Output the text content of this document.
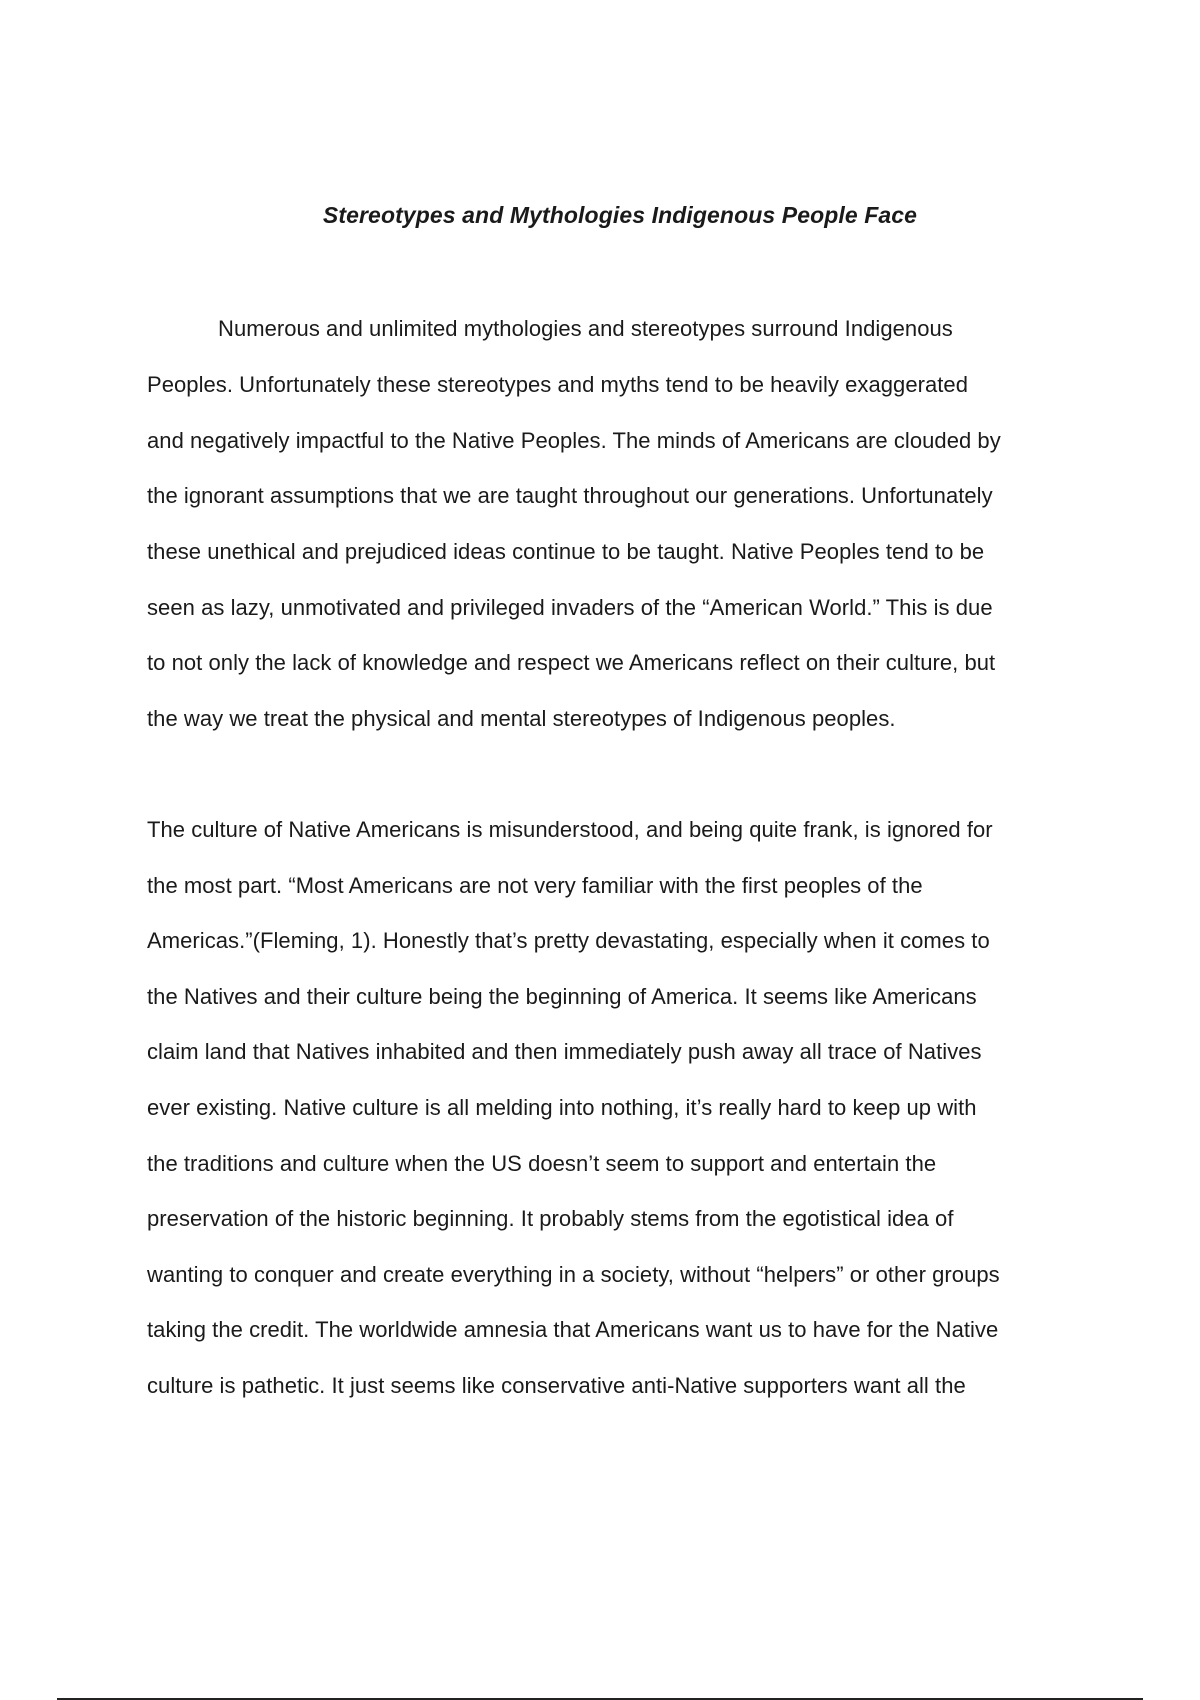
Stereotypes and Mythologies Indigenous People Face
Numerous and unlimited mythologies and stereotypes surround Indigenous
Peoples. Unfortunately these stereotypes and myths tend to be heavily exaggerated
and negatively impactful to the Native Peoples. The minds of Americans are clouded by
the ignorant assumptions that we are taught throughout our generations. Unfortunately
these unethical and prejudiced ideas continue to be taught. Native Peoples tend to be
seen as lazy, unmotivated and privileged invaders of the “American World.” This is due
to not only the lack of knowledge and respect we Americans reflect on their culture, but
the way we treat the physical and mental stereotypes of Indigenous peoples.
The culture of Native Americans is misunderstood, and being quite frank, is ignored for
the most part. “Most Americans are not very familiar with the first peoples of the
Americas.”(Fleming, 1). Honestly that’s pretty devastating, especially when it comes to
the Natives and their culture being the beginning of America. It seems like Americans
claim land that Natives inhabited and then immediately push away all trace of Natives
ever existing. Native culture is all melding into nothing, it’s really hard to keep up with
the traditions and culture when the US doesn’t seem to support and entertain the
preservation of the historic beginning. It probably stems from the egotistical idea of
wanting to conquer and create everything in a society, without “helpers” or other groups
taking the credit. The worldwide amnesia that Americans want us to have for the Native
culture is pathetic. It just seems like conservative anti-Native supporters want all the
